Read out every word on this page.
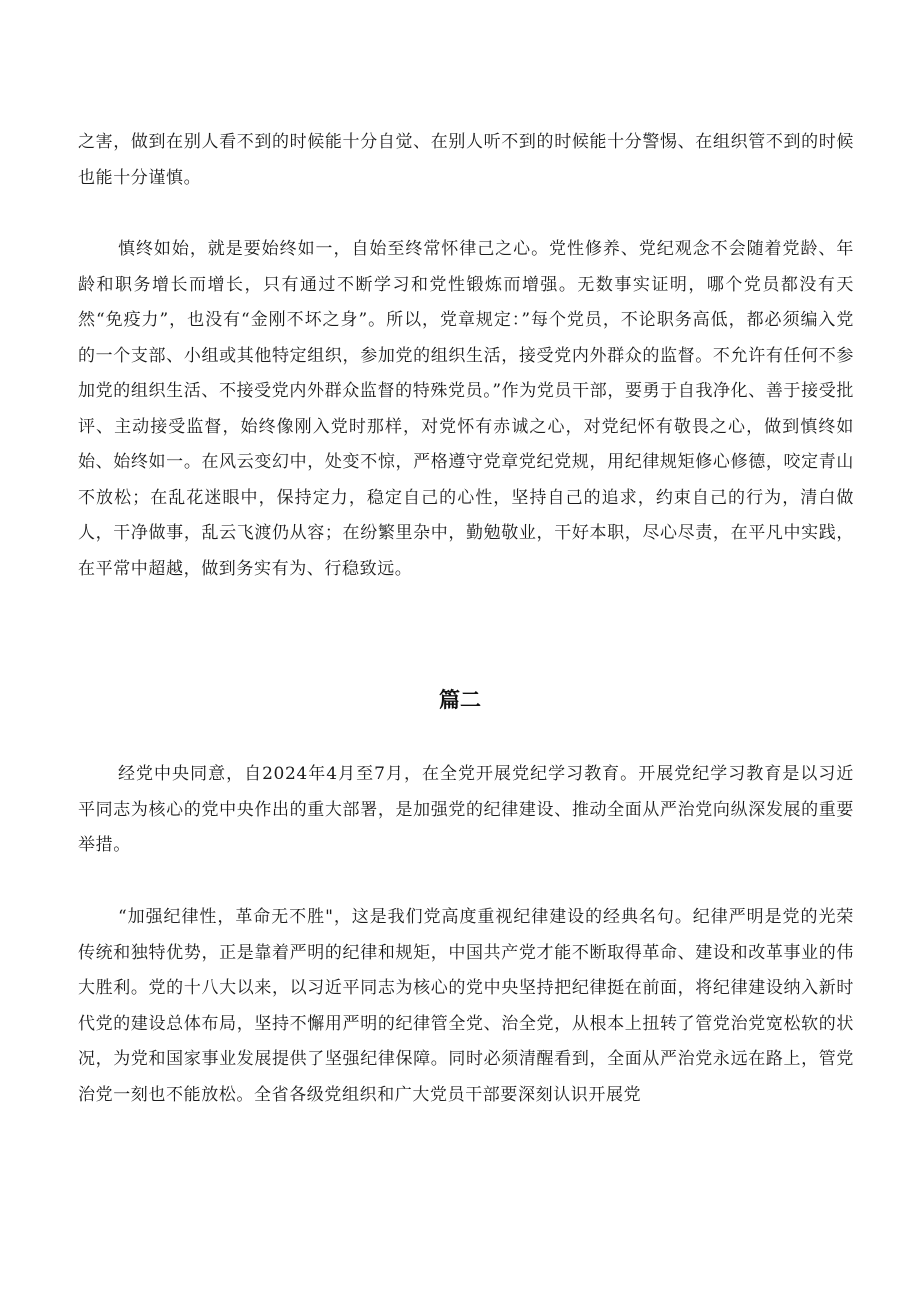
之害，做到在别人看不到的时候能十分自觉、在别人听不到的时候能十分警惕、在组织管不到的时候也能十分谨慎。

慎终如始，就是要始终如一，自始至终常怀律己之心。党性修养、党纪观念不会随着党龄、年龄和职务增长而增长，只有通过不断学习和党性锻炼而增强。无数事实证明，哪个党员都没有天然“免疫力”，也没有“金刚不坏之身”。所以，党章规定：”每个党员，不论职务高低，都必须编入党的一个支部、小组或其他特定组织，参加党的组织生活，接受党内外群众的监督。不允许有任何不参加党的组织生活、不接受党内外群众监督的特殊党员。”作为党员干部，要勇于自我净化、善于接受批评、主动接受监督，始终像刚入党时那样，对党怀有赤诚之心，对党纪怀有敬畏之心，做到慎终如始、始终如一。在风云变幻中，处变不惊，严格遵守党章党纪党规，用纪律规矩修心修德，咬定青山不放松；在乱花迷眼中，保持定力，稳定自己的心性，坚持自己的追求，约束自己的行为，清白做人，干净做事，乱云飞渡仍从容；在纷繁里杂中，勤勉敬业，干好本职，尽心尽责，在平凡中实践，在平常中超越，做到务实有为、行稳致远。

篇二

经党中央同意，自2024年4月至7月，在全党开展党纪学习教育。开展党纪学习教育是以习近平同志为核心的党中央作出的重大部署，是加强党的纪律建设、推动全面从严治党向纵深发展的重要举措。

“加强纪律性，革命无不胜"，这是我们党高度重视纪律建设的经典名句。纪律严明是党的光荣传统和独特优势，正是靠着严明的纪律和规矩，中国共产党才能不断取得革命、建设和改革事业的伟大胜利。党的十八大以来，以习近平同志为核心的党中央坚持把纪律挺在前面，将纪律建设纳入新时代党的建设总体布局，坚持不懈用严明的纪律管全党、治全党，从根本上扭转了管党治党宽松软的状况，为党和国家事业发展提供了坚强纪律保障。同时必须清醒看到，全面从严治党永远在路上，管党治党一刻也不能放松。全省各级党组织和广大党员干部要深刻认识开展党
